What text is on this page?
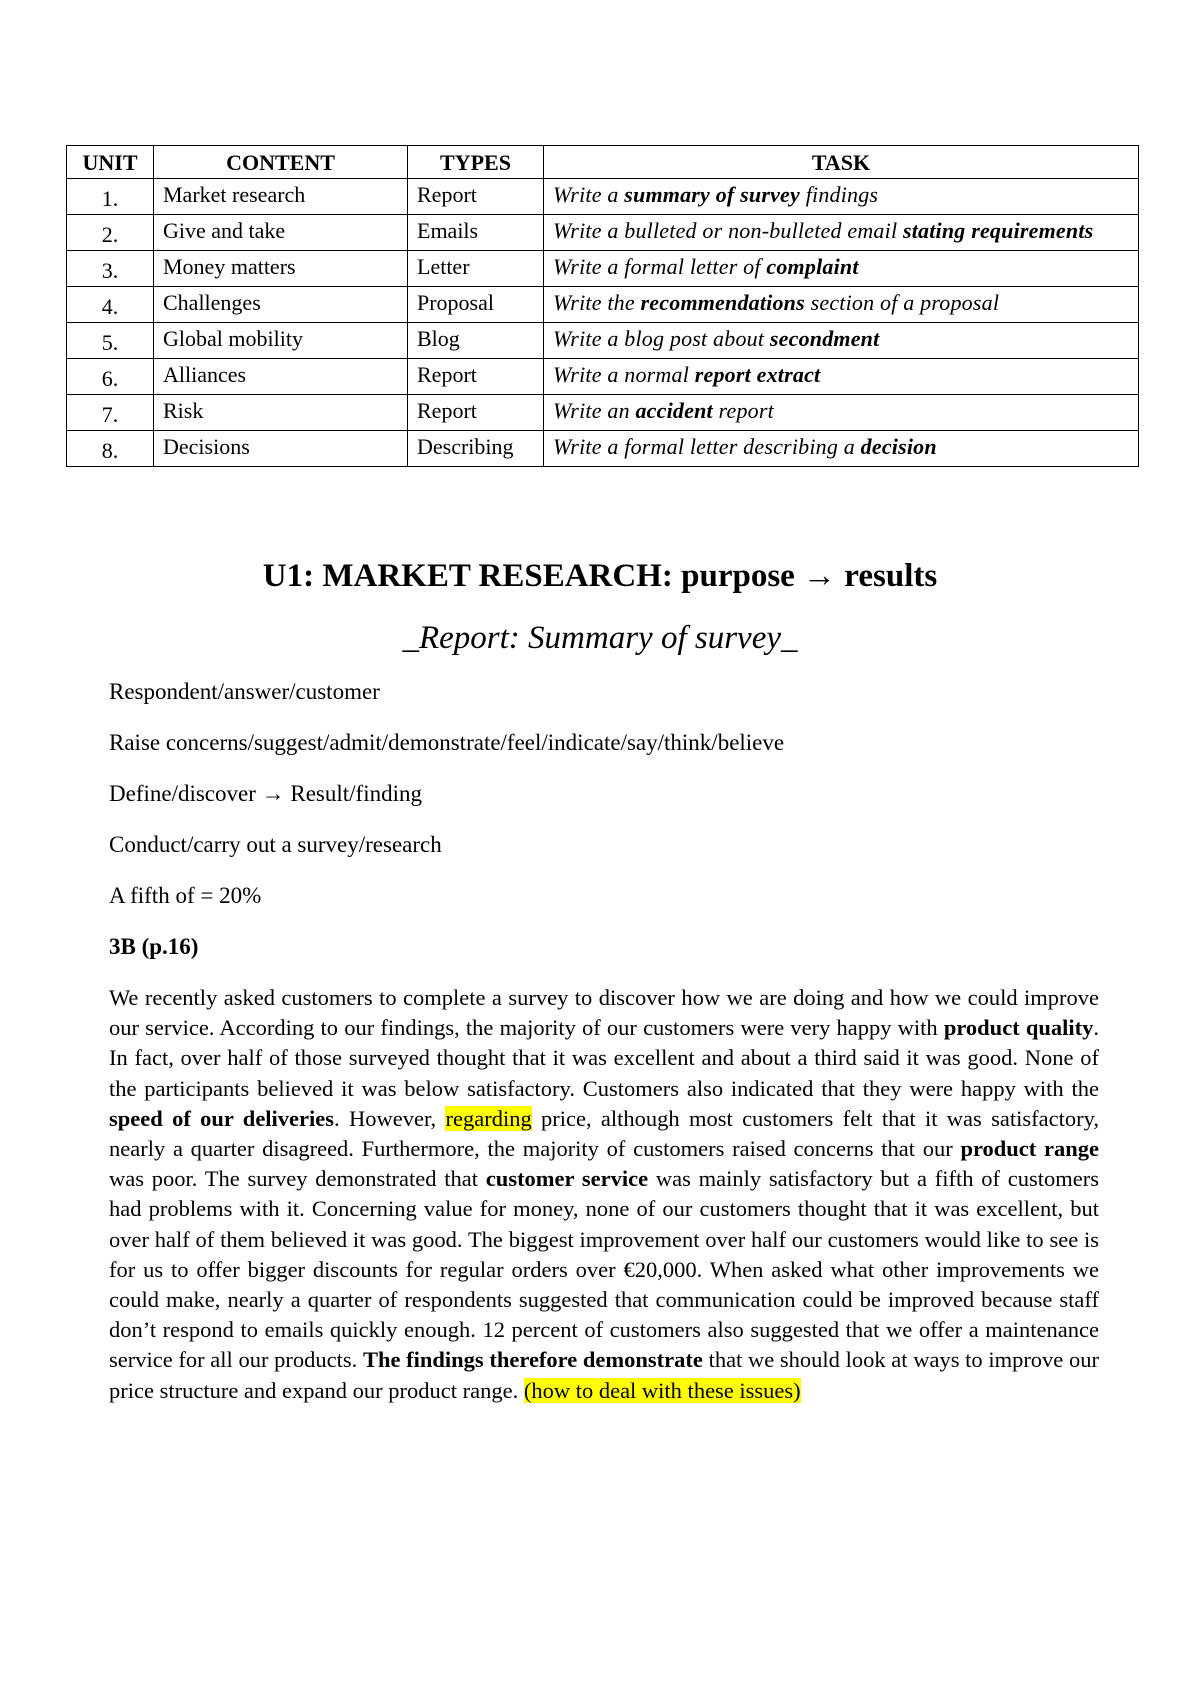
UNIT	CONTENT	TYPES	TASK
1.	Market research	Report	Write a summary of survey findings
2.	Give and take	Emails	Write a bulleted or non-bulleted email stating requirements
3.	Money matters	Letter	Write a formal letter of complaint
4.	Challenges	Proposal	Write the recommendations section of a proposal
5.	Global mobility	Blog	Write a blog post about secondment
6.	Alliances	Report	Write a normal report extract
7.	Risk	Report	Write an accident report
8.	Decisions	Describing	Write a formal letter describing a decision
U1: MARKET RESEARCH: purpose → results

_Report: Summary of survey_

Respondent/answer/customer

Raise concerns/suggest/admit/demonstrate/feel/indicate/say/think/believe

Define/discover → Result/finding

Conduct/carry out a survey/research

A fifth of = 20%

3B (p.16)

We recently asked customers to complete a survey to discover how we are doing and how we could improve our service. According to our findings, the majority of our customers were very happy with product quality. In fact, over half of those surveyed thought that it was excellent and about a third said it was good. None of the participants believed it was below satisfactory. Customers also indicated that they were happy with the speed of our deliveries. However, regarding price, although most customers felt that it was satisfactory, nearly a quarter disagreed. Furthermore, the majority of customers raised concerns that our product range was poor. The survey demonstrated that customer service was mainly satisfactory but a fifth of customers had problems with it. Concerning value for money, none of our customers thought that it was excellent, but over half of them believed it was good. The biggest improvement over half our customers would like to see is for us to offer bigger discounts for regular orders over €20,000. When asked what other improvements we could make, nearly a quarter of respondents suggested that communication could be improved because staff don’t respond to emails quickly enough. 12 percent of customers also suggested that we offer a maintenance service for all our products. The findings therefore demonstrate that we should look at ways to improve our price structure and expand our product range. (how to deal with these issues)
